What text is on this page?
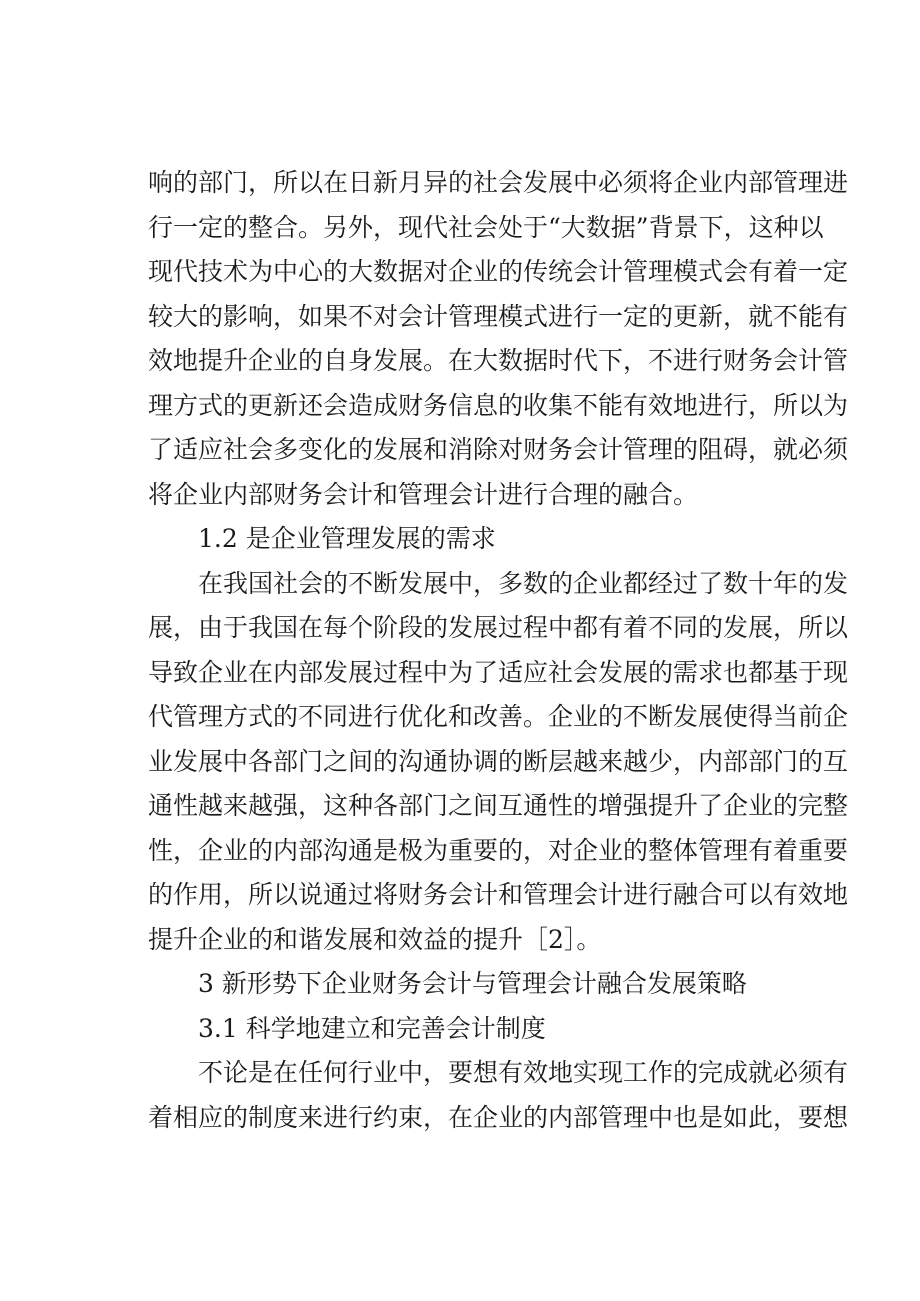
响的部门，所以在日新月异的社会发展中必须将企业内部管理进
行一定的整合。另外，现代社会处于“大数据”背景下，这种以
现代技术为中心的大数据对企业的传统会计管理模式会有着一定
较大的影响，如果不对会计管理模式进行一定的更新，就不能有
效地提升企业的自身发展。在大数据时代下，不进行财务会计管
理方式的更新还会造成财务信息的收集不能有效地进行，所以为
了适应社会多变化的发展和消除对财务会计管理的阻碍，就必须
将企业内部财务会计和管理会计进行合理的融合。
1.2 是企业管理发展的需求
在我国社会的不断发展中，多数的企业都经过了数十年的发
展，由于我国在每个阶段的发展过程中都有着不同的发展，所以
导致企业在内部发展过程中为了适应社会发展的需求也都基于现
代管理方式的不同进行优化和改善。企业的不断发展使得当前企
业发展中各部门之间的沟通协调的断层越来越少，内部部门的互
通性越来越强，这种各部门之间互通性的增强提升了企业的完整
性，企业的内部沟通是极为重要的，对企业的整体管理有着重要
的作用，所以说通过将财务会计和管理会计进行融合可以有效地
提升企业的和谐发展和效益的提升［2］。
3 新形势下企业财务会计与管理会计融合发展策略
3.1 科学地建立和完善会计制度
不论是在任何行业中，要想有效地实现工作的完成就必须有
着相应的制度来进行约束，在企业的内部管理中也是如此，要想
